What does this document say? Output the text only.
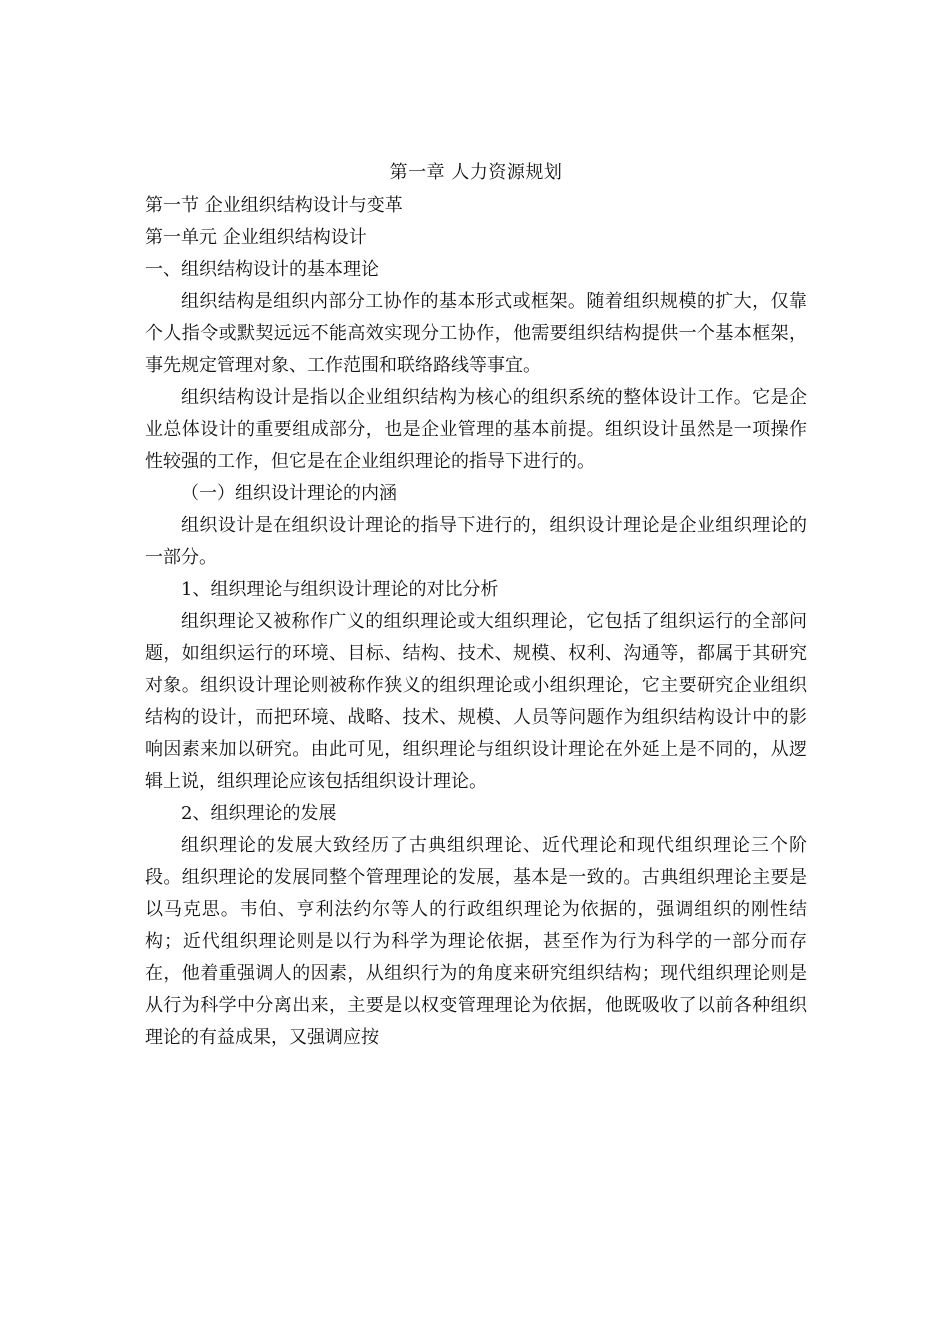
第一章 人力资源规划

第一节 企业组织结构设计与变革

第一单元 企业组织结构设计

一、组织结构设计的基本理论

组织结构是组织内部分工协作的基本形式或框架。随着组织规模的扩大，仅靠个人指令或默契远远不能高效实现分工协作，他需要组织结构提供一个基本框架，事先规定管理对象、工作范围和联络路线等事宜。

组织结构设计是指以企业组织结构为核心的组织系统的整体设计工作。它是企业总体设计的重要组成部分，也是企业管理的基本前提。组织设计虽然是一项操作性较强的工作，但它是在企业组织理论的指导下进行的。

（一）组织设计理论的内涵

组织设计是在组织设计理论的指导下进行的，组织设计理论是企业组织理论的一部分。

1、组织理论与组织设计理论的对比分析

组织理论又被称作广义的组织理论或大组织理论，它包括了组织运行的全部问题，如组织运行的环境、目标、结构、技术、规模、权利、沟通等，都属于其研究对象。组织设计理论则被称作狭义的组织理论或小组织理论，它主要研究企业组织结构的设计，而把环境、战略、技术、规模、人员等问题作为组织结构设计中的影响因素来加以研究。由此可见，组织理论与组织设计理论在外延上是不同的，从逻辑上说，组织理论应该包括组织设计理论。

2、组织理论的发展

组织理论的发展大致经历了古典组织理论、近代理论和现代组织理论三个阶段。组织理论的发展同整个管理理论的发展，基本是一致的。古典组织理论主要是以马克思。韦伯、亨利法约尔等人的行政组织理论为依据的，强调组织的刚性结构；近代组织理论则是以行为科学为理论依据，甚至作为行为科学的一部分而存在，他着重强调人的因素，从组织行为的角度来研究组织结构；现代组织理论则是从行为科学中分离出来，主要是以权变管理理论为依据，他既吸收了以前各种组织理论的有益成果，又强调应按
